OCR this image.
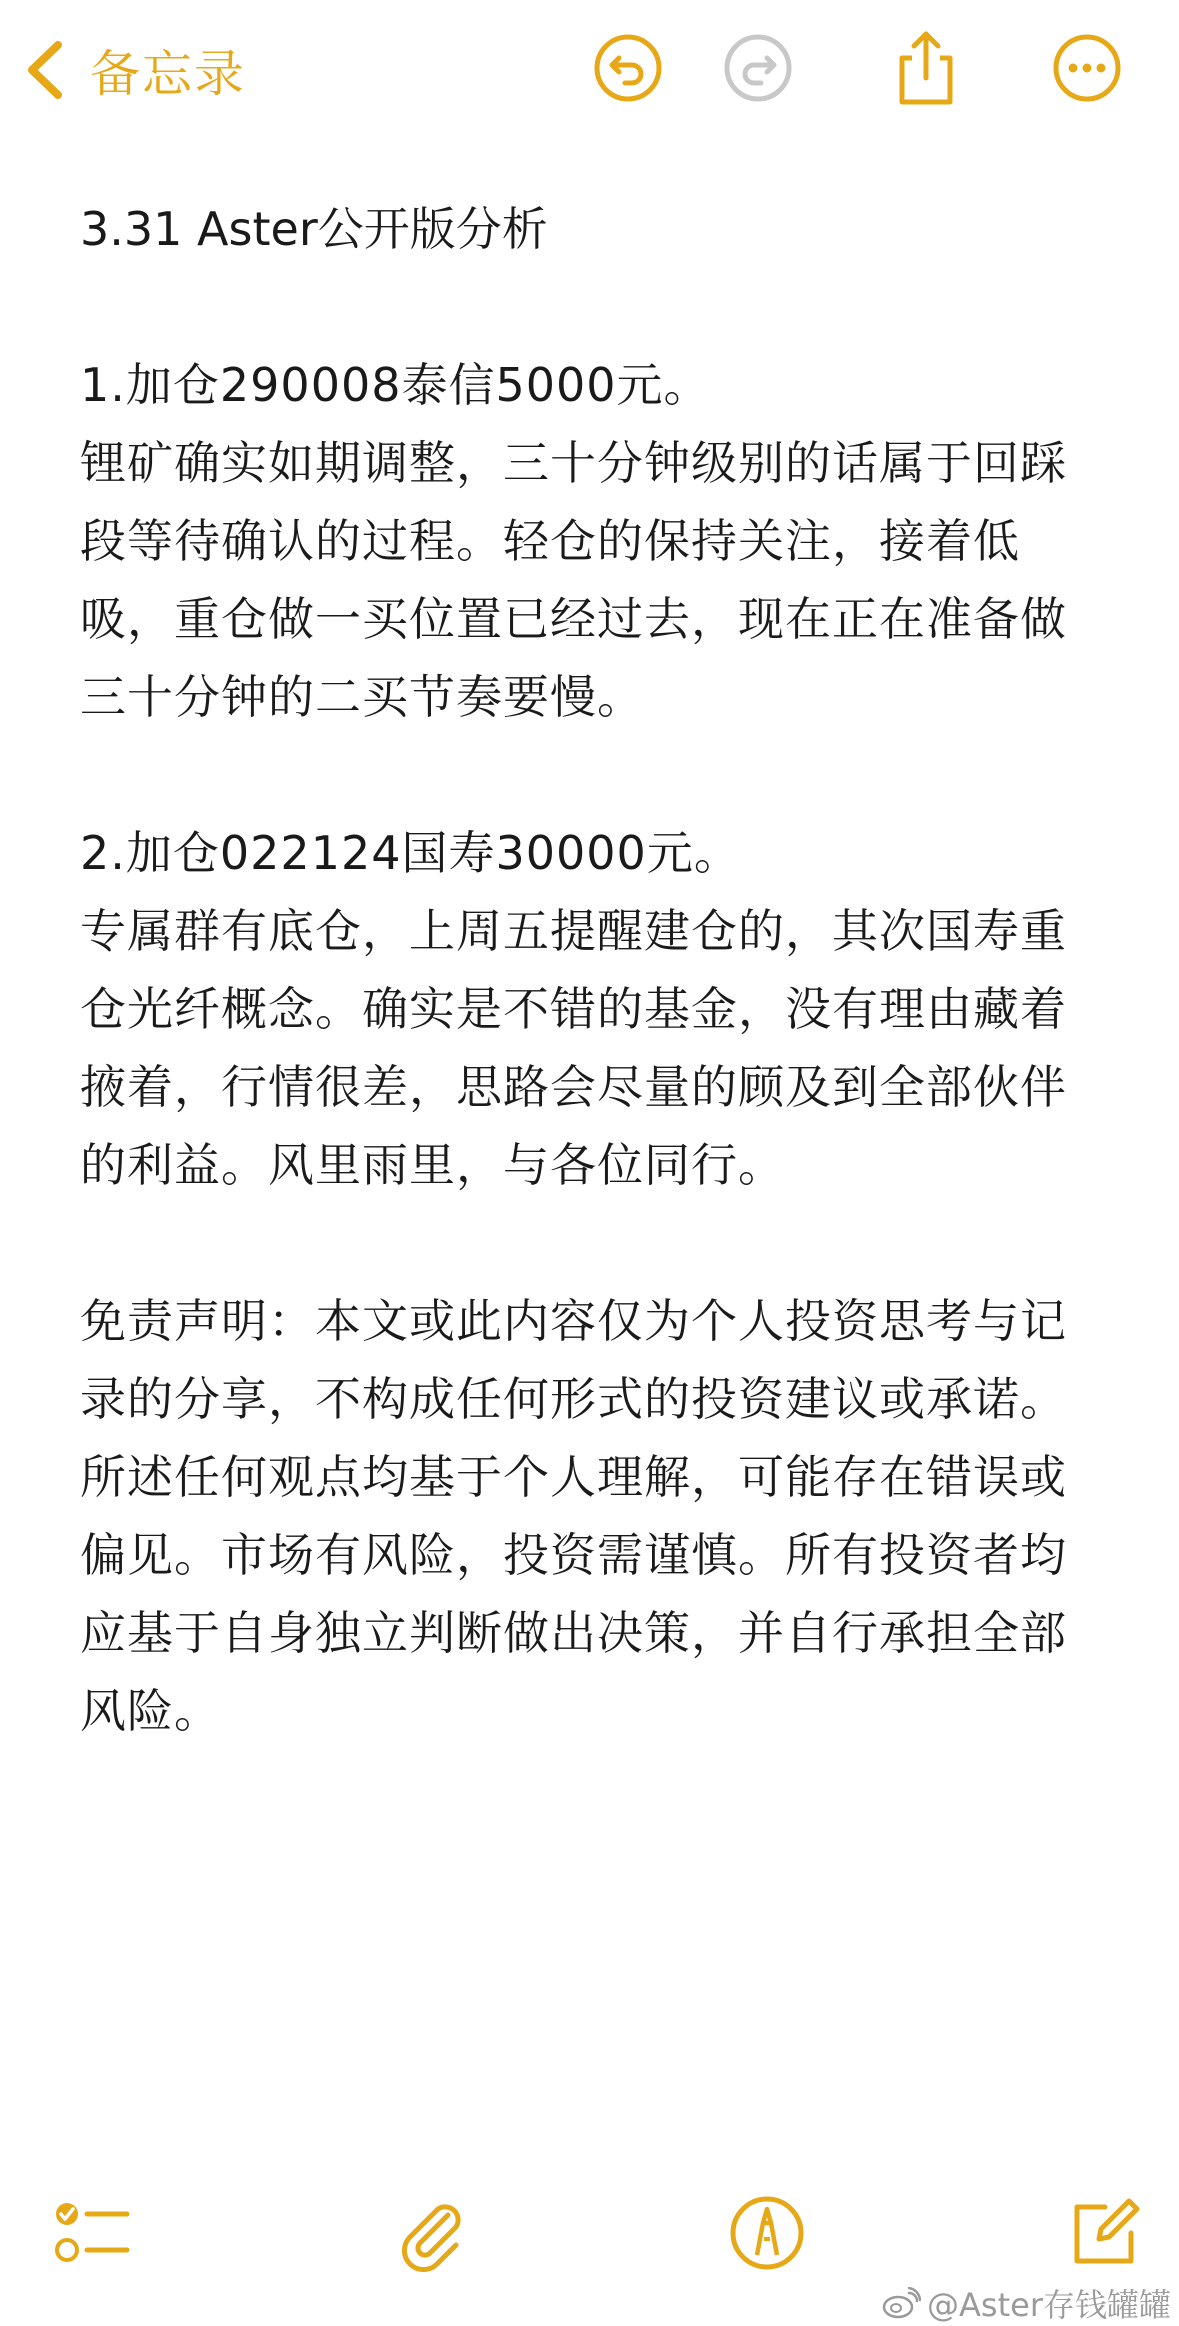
备忘录

3.31 Aster公开版分析

1.加仓290008泰信5000元。

锂矿确实如期调整，三十分钟级别的话属于回踩段等待确认的过程。轻仓的保持关注，接着低吸，重仓做一买位置已经过去，现在正在准备做三十分钟的二买节奏要慢。

2.加仓022124国寿30000元。

专属群有底仓，上周五提醒建仓的，其次国寿重仓光纤概念。确实是不错的基金，没有理由藏着掖着，行情很差，思路会尽量的顾及到全部伙伴的利益。风里雨里，与各位同行。

免责声明：本文或此内容仅为个人投资思考与记录的分享，不构成任何形式的投资建议或承诺。所述任何观点均基于个人理解，可能存在错误或偏见。市场有风险，投资需谨慎。所有投资者均应基于自身独立判断做出决策，并自行承担全部风险。

@Aster存钱罐罐
